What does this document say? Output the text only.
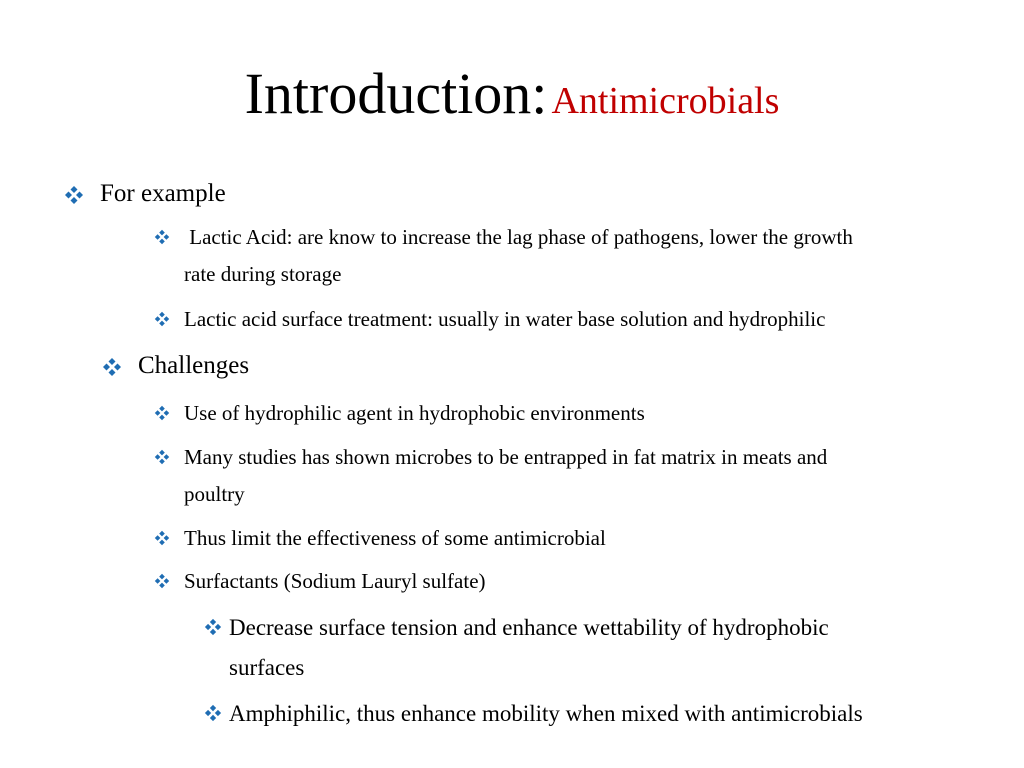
Introduction: Antimicrobials
For example
Lactic Acid: are know to increase the lag phase of pathogens, lower the growth
rate during storage
Lactic acid surface treatment: usually in water base solution and hydrophilic
Challenges
Use of hydrophilic agent in hydrophobic environments
Many studies has shown microbes to be entrapped in fat matrix in meats and
poultry
Thus limit the effectiveness of some antimicrobial
Surfactants (Sodium Lauryl sulfate)
Decrease surface tension and enhance wettability of hydrophobic
surfaces
Amphiphilic, thus enhance mobility when mixed with antimicrobials
